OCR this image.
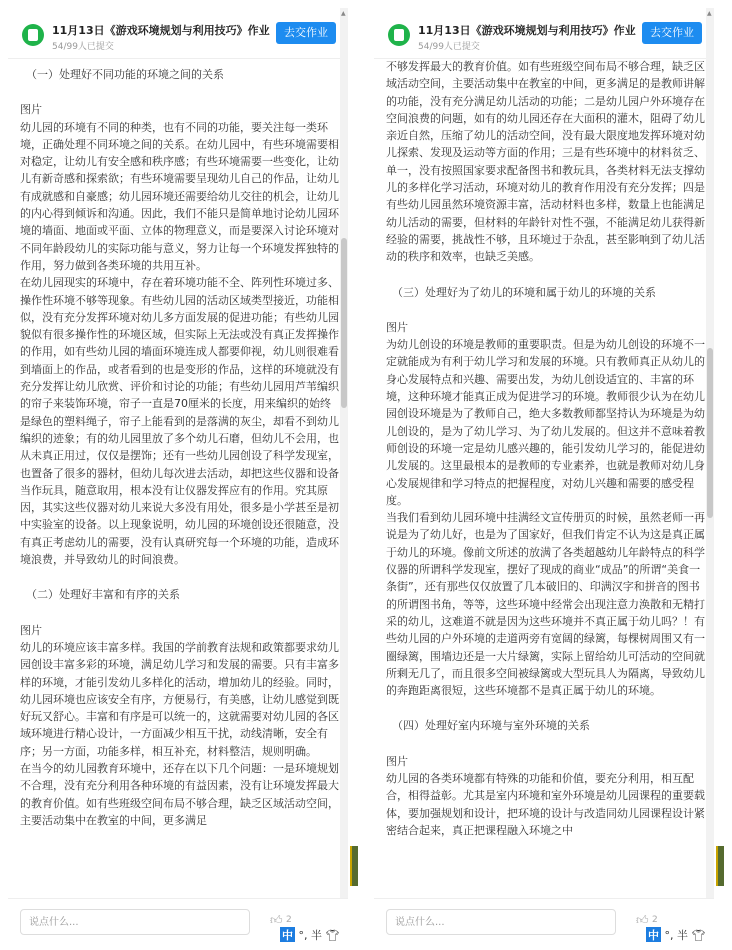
（一）处理好不同功能的环境之间的关系

图片

幼儿园的环境有不同的种类，也有不同的功能，要关注每一类环境，正确处理不同环境之间的关系。在幼儿园中，有些环境需要相对稳定，让幼儿有安全感和秩序感；有些环境需要一些变化，让幼儿有新奇感和探索欲；有些环境需要呈现幼儿自己的作品，让幼儿有成就感和自豪感；幼儿园环境还需要给幼儿交往的机会，让幼儿的内心得到倾诉和沟通。因此，我们不能只是简单地讨论幼儿园环境的墙面、地面或平面、立体的物理意义，而是要深入讨论环境对不同年龄段幼儿的实际功能与意义，努力让每一个环境发挥独特的作用，努力做到各类环境的共用互补。

在幼儿园现实的环境中，存在着环境功能不全、阵列性环境过多、操作性环境不够等现象。有些幼儿园的活动区域类型接近，功能相似，没有充分发挥环境对幼儿多方面发展的促进功能；有些幼儿园貌似有很多操作性的环境区域，但实际上无法或没有真正发挥操作的作用，如有些幼儿园的墙面环境连成人都要仰视，幼儿则很难看到墙面上的作品，或者看到的也是变形的作品，这样的环境就没有充分发挥让幼儿欣赏、评价和讨论的功能；有些幼儿园用芦苇编织的帘子来装饰环境，帘子一直是70厘米的长度，用来编织的始终是绿色的塑料绳子，帘子上能看到的是落满的灰尘，却看不到幼儿编织的迹象；有的幼儿园里放了多个幼儿石磨，但幼儿不会用，也从未真正用过，仅仅是摆饰；还有一些幼儿园创设了科学发现室，也置备了很多的器材，但幼儿每次进去活动，却把这些仪器和设备当作玩具，随意取用，根本没有让仪器发挥应有的作用。究其原因，其实这些仪器对幼儿来说大多没有用处，很多是小学甚至是初中实验室的设备。以上现象说明，幼儿园的环境创设还很随意，没有真正考虑幼儿的需要，没有认真研究每一个环境的功能，造成环境浪费，并导致幼儿的时间浪费。

（二）处理好丰富和有序的关系

图片

幼儿的环境应该丰富多样。我国的学前教育法规和政策都要求幼儿园创设丰富多彩的环境，满足幼儿学习和发展的需要。只有丰富多样的环境，才能引发幼儿多样化的活动，增加幼儿的经验。同时，幼儿园环境也应该安全有序，方便易行，有美感，让幼儿感觉到既好玩又舒心。丰富和有序是可以统一的，这就需要对幼儿园的各区域环境进行精心设计，一方面减少相互干扰，动线清晰，安全有序；另一方面，功能多样，相互补充，材料整洁，规则明确。

在当今的幼儿园教育环境中，还存在以下几个问题：一是环境规划不合理，没有充分利用各种环境的有益因素，没有让环境发挥最大的教育价值。如有些班级空间布局不够合理，缺乏区域活动空间，主要活动集中在教室的中间，更多满足

11月13日《游戏环境规划与利用技巧》作业
54/99人已提交
去交作业
▲
说点什么...	👍︎ 2
中 °, 半 👕︎

不够发挥最大的教育价值。如有些班级空间布局不够合理，缺乏区域活动空间，主要活动集中在教室的中间，更多满足的是教师讲解的功能，没有充分满足幼儿活动的功能；二是幼儿园户外环境存在空间浪费的问题，如有的幼儿园还存在大面积的灌木，阻碍了幼儿亲近自然，压缩了幼儿的活动空间，没有最大限度地发挥环境对幼儿探索、发现及运动等方面的作用；三是有些环境中的材料贫乏、单一，没有按照国家要求配备图书和教玩具，各类材料无法支撑幼儿的多样化学习活动，环境对幼儿的教育作用没有充分发挥；四是有些幼儿园虽然环境资源丰富，活动材料也多样，数量上也能满足幼儿活动的需要，但材料的年龄针对性不强，不能满足幼儿获得新经验的需要，挑战性不够，且环境过于杂乱，甚至影响到了幼儿活动的秩序和效率，也缺乏美感。

（三）处理好为了幼儿的环境和属于幼儿的环境的关系

图片

为幼儿创设的环境是教师的重要职责。但是为幼儿创设的环境不一定就能成为有利于幼儿学习和发展的环境。只有教师真正从幼儿的身心发展特点和兴趣、需要出发，为幼儿创设适宜的、丰富的环境，这种环境才能真正成为促进学习的环境。教师很少认为在幼儿园创设环境是为了教师自己，绝大多数教师都坚持认为环境是为幼儿创设的，是为了幼儿学习、为了幼儿发展的。但这并不意味着教师创设的环境一定是幼儿感兴趣的，能引发幼儿学习的，能促进幼儿发展的。这里最根本的是教师的专业素养，也就是教师对幼儿身心发展规律和学习特点的把握程度，对幼儿兴趣和需要的感受程度。

当我们看到幼儿园环境中挂满经文宣传册页的时候，虽然老师一再说是为了幼儿好，也是为了国家好，但我们肯定不认为这是真正属于幼儿的环境。像前文所述的放满了各类超越幼儿年龄特点的科学仪器的所谓科学发现室，摆好了现成的商业“成品”的所谓“美食一条街”，还有那些仅仅放置了几本破旧的、印满汉字和拼音的图书的所谓图书角，等等，这些环境中经常会出现注意力涣散和无精打采的幼儿，这难道不就是因为这些环境并不真正属于幼儿吗？！有些幼儿园的户外环境的走道两旁有宽阔的绿篱，每棵树周围又有一圈绿篱，围墙边还是一大片绿篱，实际上留给幼儿可活动的空间就所剩无几了，而且很多空间被绿篱或大型玩具人为隔离，导致幼儿的奔跑距离很短，这些环境都不是真正属于幼儿的环境。

（四）处理好室内环境与室外环境的关系

图片

幼儿园的各类环境都有特殊的功能和价值，要充分利用，相互配合，相得益彰。尤其是室内环境和室外环境是幼儿园课程的重要载体，要加强规划和设计，把环境的设计与改造同幼儿园课程设计紧密结合起来，真正把课程融入环境之中

11月13日《游戏环境规划与利用技巧》作业
54/99人已提交
去交作业
▲
说点什么...	👍︎ 2
中 °, 半 👕︎
